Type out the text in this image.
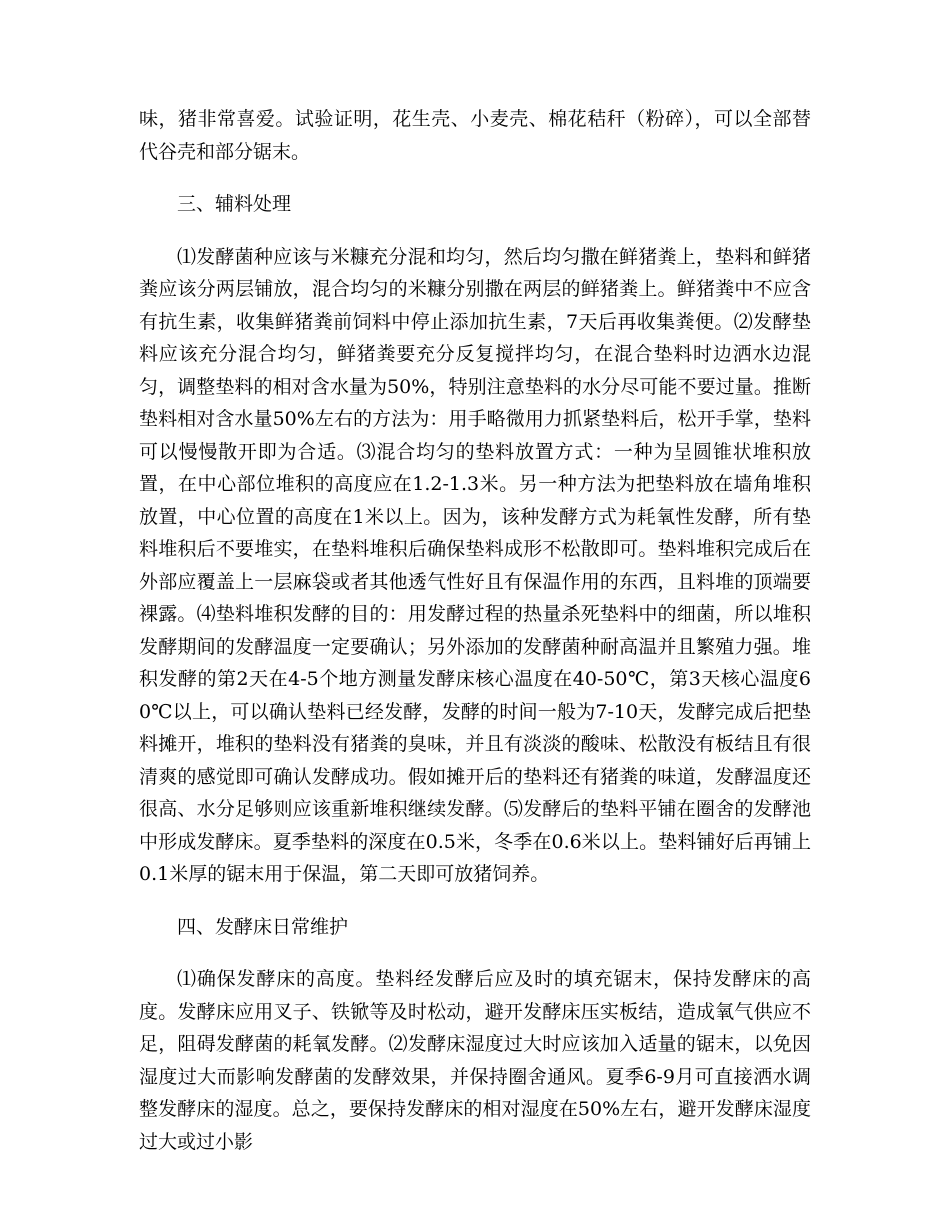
味，猪非常喜爱。试验证明，花生壳、小麦壳、棉花秸秆（粉碎），可以全部替代谷壳和部分锯末。

三、辅料处理

⑴发酵菌种应该与米糠充分混和均匀，然后均匀撒在鲜猪粪上，垫料和鲜猪粪应该分两层铺放，混合均匀的米糠分别撒在两层的鲜猪粪上。鲜猪粪中不应含有抗生素，收集鲜猪粪前饲料中停止添加抗生素，7天后再收集粪便。⑵发酵垫料应该充分混合均匀，鲜猪粪要充分反复搅拌均匀，在混合垫料时边洒水边混匀，调整垫料的相对含水量为50%，特别注意垫料的水分尽可能不要过量。推断垫料相对含水量50%左右的方法为：用手略微用力抓紧垫料后，松开手掌，垫料可以慢慢散开即为合适。⑶混合均匀的垫料放置方式：一种为呈圆锥状堆积放置，在中心部位堆积的高度应在1.2-1.3米。另一种方法为把垫料放在墙角堆积放置，中心位置的高度在1米以上。因为，该种发酵方式为耗氧性发酵，所有垫料堆积后不要堆实，在垫料堆积后确保垫料成形不松散即可。垫料堆积完成后在外部应覆盖上一层麻袋或者其他透气性好且有保温作用的东西，且料堆的顶端要裸露。⑷垫料堆积发酵的目的：用发酵过程的热量杀死垫料中的细菌，所以堆积发酵期间的发酵温度一定要确认；另外添加的发酵菌种耐高温并且繁殖力强。堆积发酵的第2天在4-5个地方测量发酵床核心温度在40-50℃，第3天核心温度60℃以上，可以确认垫料已经发酵，发酵的时间一般为7-10天，发酵完成后把垫料摊开，堆积的垫料没有猪粪的臭味，并且有淡淡的酸味、松散没有板结且有很清爽的感觉即可确认发酵成功。假如摊开后的垫料还有猪粪的味道，发酵温度还很高、水分足够则应该重新堆积继续发酵。⑸发酵后的垫料平铺在圈舍的发酵池中形成发酵床。夏季垫料的深度在0.5米，冬季在0.6米以上。垫料铺好后再铺上0.1米厚的锯末用于保温，第二天即可放猪饲养。

四、发酵床日常维护

⑴确保发酵床的高度。垫料经发酵后应及时的填充锯末，保持发酵床的高度。发酵床应用叉子、铁锨等及时松动，避开发酵床压实板结，造成氧气供应不足，阻碍发酵菌的耗氧发酵。⑵发酵床湿度过大时应该加入适量的锯末，以免因湿度过大而影响发酵菌的发酵效果，并保持圈舍通风。夏季6-9月可直接洒水调整发酵床的湿度。总之，要保持发酵床的相对湿度在50%左右，避开发酵床湿度过大或过小影
